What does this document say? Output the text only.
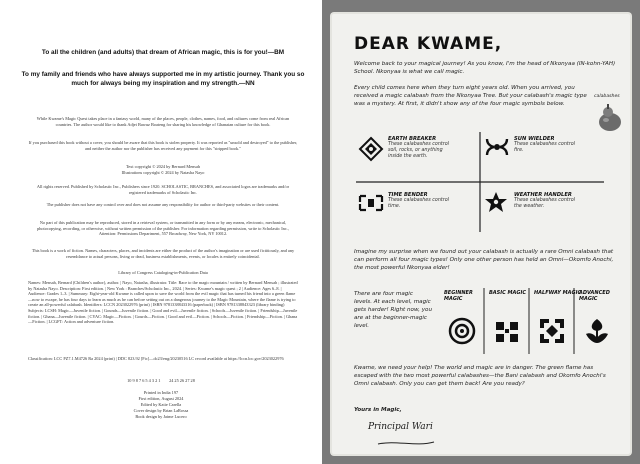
To all the children (and adults) that dream of African magic, this is for you!—BM
To my family and friends who have always supported me in my artistic journey. Thank you so much for always being my inspiration and my strength.—NN
While Kwame's Magic Quest takes place in a fantasy world, many of the places, people, clothes, names, food, and cultures come from real African countries. The author would like to thank Adjei Bawuz Boateng for sharing his knowledge of Ghanaian culture for this book.
If you purchased this book without a cover, you should be aware that this book is stolen property. It was reported as "unsold and destroyed" to the publisher, and neither the author nor the publisher has received any payment for this "stripped book."
Text copyright © 2024 by Bernard Mensah
Illustrations copyright © 2024 by Natasha Nayo
All rights reserved. Published by Scholastic Inc., Publishers since 1920. SCHOLASTIC, BRANCHES, and associated logos are trademarks and/or registered trademarks of Scholastic Inc.
The publisher does not have any control over and does not assume any responsibility for author or third-party websites or their content.
No part of this publication may be reproduced, stored in a retrieval system, or transmitted in any form or by any means, electronic, mechanical, photocopying, recording, or otherwise, without written permission of the publisher. For information regarding permission, write to Scholastic Inc., Attention: Permissions Department, 557 Broadway, New York, NY 10012.
This book is a work of fiction. Names, characters, places, and incidents are either the product of the author's imagination or are used fictitiously, and any resemblance to actual persons, living or dead, business establishments, events, or locales is entirely coincidental.
Library of Congress Cataloging-in-Publication Data
Names: Mensah, Bernard (Children's author), author. | Nayo, Natasha, illustrator. Title: Race to the magic mountain / written by Bernard Mensah ; illustrated by Natasha Nayo. Description: First edition. | New York : Branches/Scholastic Inc., 2024. | Series: Kwame's magic quest ; 2 | Audience: Ages 6–8. | Audience: Grades 1–3. | Summary: Eight-year-old Kwame is called upon to save the world from the evil magic that has turned his friend into a green flame—now to escape, he has four days to learn as much as he can before setting out on a dangerous journey to the Magic Mountain, where the flame is trying to create an all-powerful calabash. Identifiers: LCCN 2023022976 (print) | ISBN 9781338843316 (paperback) | ISBN 9781338843323 (library binding) Subjects: LCSH: Magic—Juvenile fiction. | Gounds—Juvenile fiction. | Good and evil—Juvenile fiction. | Schools—Juvenile fiction. | Friendship—Juvenile fiction. | Ghana—Juvenile fiction. | CYAC: Magic—Fiction. | Gourds—Fiction. | Good and evil—Fiction. | Schools—Fiction. | Friendship—Fiction. | Ghana—Fiction. | LCGFT: Action and adventure fiction.
Classification: LCC PZ7.1.M4726 Ra 2024 (print) | DDC 823.92 [Fic]—dc23/eng/20230516 LC record available at https://lccn.loc.gov/2023022976
10 9 8 7 6 5 4 3 2 1 24 25 26 27 28
Printed in India 197
First edition, August 2024
Edited by Katie Carella
Cover design by Brian LaRossa
Book design by Jaime Lucero
DEAR KWAME,
Welcome back to your magical journey! As you know, I'm the head of Nkonyaa (IN-kohn-YAH) School. Nkonyaa is what we call magic.
Every child comes here when they turn eight years old. When you arrived, you received a magic calabash from the Nkonyaa Tree. But your calabash's magic type was a mystery. At first, it didn't show any of the four magic symbols below.
calabashes
EARTH BREAKER
These calabashes control soil, rocks, or anything inside the earth.
SUN WIELDER
These calabashes control fire.
TIME BENDER
These calabashes control time.
WEATHER HANDLER
These calabashes control the weather.
Imagine my surprise when we found out your calabash is actually a rare Omni calabash that can perform all four magic types! Only one other person has held an Omni—Okomfo Anochi, the most powerful Nkonyaa elder!
There are four magic levels. At each level, magic gets harder! Right now, you are at the beginner-magic level.
BEGINNER MAGIC
BASIC MAGIC	HALFWAY MAGIC
ADVANCED MAGIC
Kwame, we need your help! The world and magic are in danger. The green flame has escaped with the two most powerful calabashes—the Bani calabash and Okomfo Anochi's Omni calabash. Only you can get them back! Are you ready?
Yours in Magic,
Principal Wari
